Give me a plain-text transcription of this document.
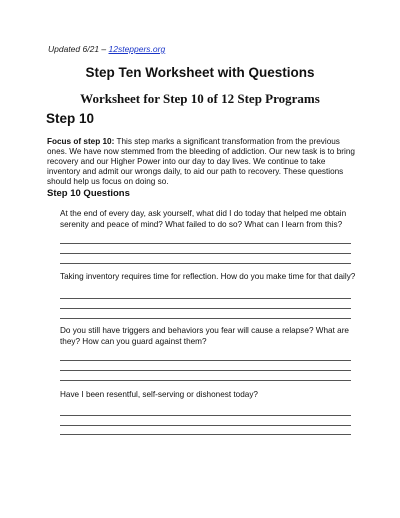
Updated 6/21 – 12steppers.org
Step Ten Worksheet with Questions
Worksheet for Step 10 of 12 Step Programs
Step 10
Focus of step 10: This step marks a significant transformation from the previous ones. We have now stemmed from the bleeding of addiction. Our new task is to bring recovery and our Higher Power into our day to day lives. We continue to take inventory and admit our wrongs daily, to aid our path to recovery. These questions should help us focus on doing so.
Step 10 Questions
At the end of every day, ask yourself, what did I do today that helped me obtain serenity and peace of mind? What failed to do so? What can I learn from this?
Taking inventory requires time for reflection. How do you make time for that daily?
Do you still have triggers and behaviors you fear will cause a relapse? What are they? How can you guard against them?
Have I been resentful, self-serving or dishonest today?
